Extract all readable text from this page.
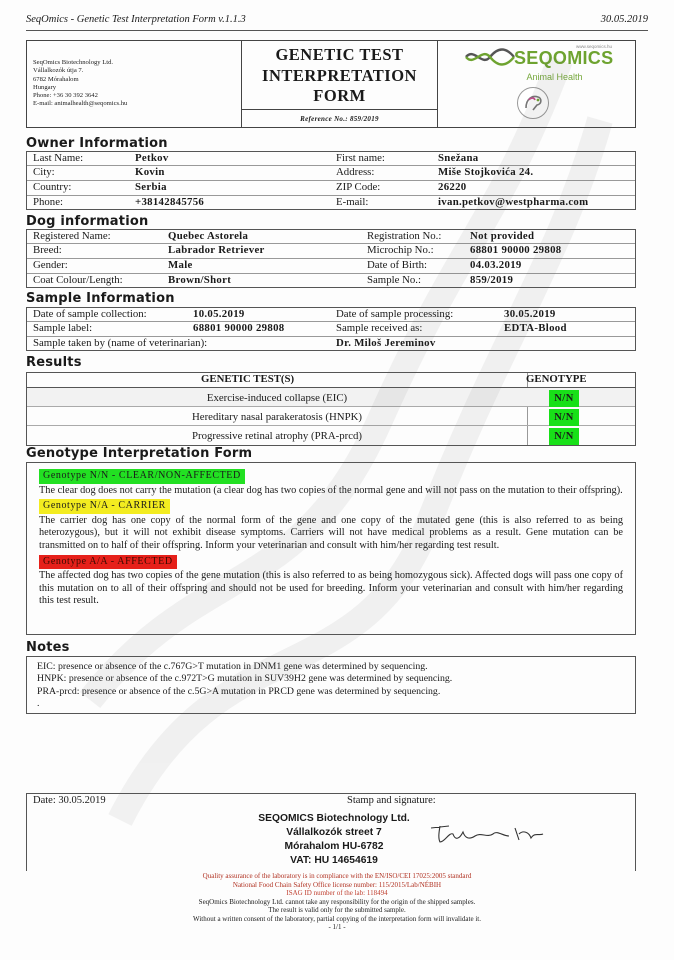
SeqOmics - Genetic Test Interpretation Form v.1.1.3	30.05.2019
SeqOmics Biotechnology Ltd.
Vállalkozók útja 7.
6782 Mórahalom
Hungary
Phone: +36 30 392 3642
E-mail: animalhealth@seqomics.hu
GENETIC TEST
INTERPRETATION
FORM
Reference No.: 859/2019
www.seqomics.hu
SEQOMICS
Animal Health
Owner Information
Last Name:	Petkov	First name:	Snežana
City:	Kovin	Address:	Miše Stojkovića 24.
Country:	Serbia	ZIP Code:	26220
Phone:	+38142845756	E-mail:	ivan.petkov@westpharma.com
Dog information
Registered Name:	Quebec Astorela	Registration No.:	Not provided
Breed:	Labrador Retriever	Microchip No.:	68801 90000 29808
Gender:	Male	Date of Birth:	04.03.2019
Coat Colour/Length:	Brown/Short	Sample No.:	859/2019
Sample Information
Date of sample collection:	10.05.2019	Date of sample processing:	30.05.2019
Sample label:	68801 90000 29808	Sample received as:	EDTA-Blood
Sample taken by (name of veterinarian):	Dr. Miloš Jereminov
Results
GENETIC TEST(S)	GENOTYPE
Exercise-induced collapse (EIC)	N/N
Hereditary nasal parakeratosis (HNPK)	N/N
Progressive retinal atrophy (PRA-prcd)	N/N
Genotype Interpretation Form
Genotype N/N - CLEAR/NON-AFFECTED

The clear dog does not carry the mutation (a clear dog has two copies of the normal gene and will not pass on the mutation to their offspring).

Genotype N/A - CARRIER

The carrier dog has one copy of the normal form of the gene and one copy of the mutated gene (this is also referred to as being heterozygous), but it will not exhibit disease symptoms. Carriers will not have medical problems as a result. Gene mutation can be transmitted on to half of their offspring. Inform your veterinarian and consult with him/her regarding test result.

Genotype A/A - AFFECTED

The affected dog has two copies of the gene mutation (this is also referred to as being homozygous sick). Affected dogs will pass one copy of this mutation on to all of their offspring and should not be used for breeding. Inform your veterinarian and consult with him/her regarding this test result.

Notes
EIC: presence or absence of the c.767G>T mutation in DNM1 gene was determined by sequencing.
HNPK: presence or absence of the c.972T>G mutation in SUV39H2 gene was determined by sequencing.
PRA-prcd: presence or absence of the c.5G>A mutation in PRCD gene was determined by sequencing.
.
Date: 30.05.2019	Stamp and signature:
SEQOMICS Biotechnology Ltd.
Vállalkozók street 7
Mórahalom HU-6782
VAT: HU 14654619
Quality assurance of the laboratory is in compliance with the EN/ISO/CEI 17025:2005 standard
National Food Chain Safety Office license number: 115/2015/Lab/NÉBIH
ISAG ID number of the lab: 118494
SeqOmics Biotechnology Ltd. cannot take any responsibility for the origin of the shipped samples.
The result is valid only for the submitted sample.
Without a written consent of the laboratory, partial copying of the interpretation form will invalidate it.
- 1/1 -
